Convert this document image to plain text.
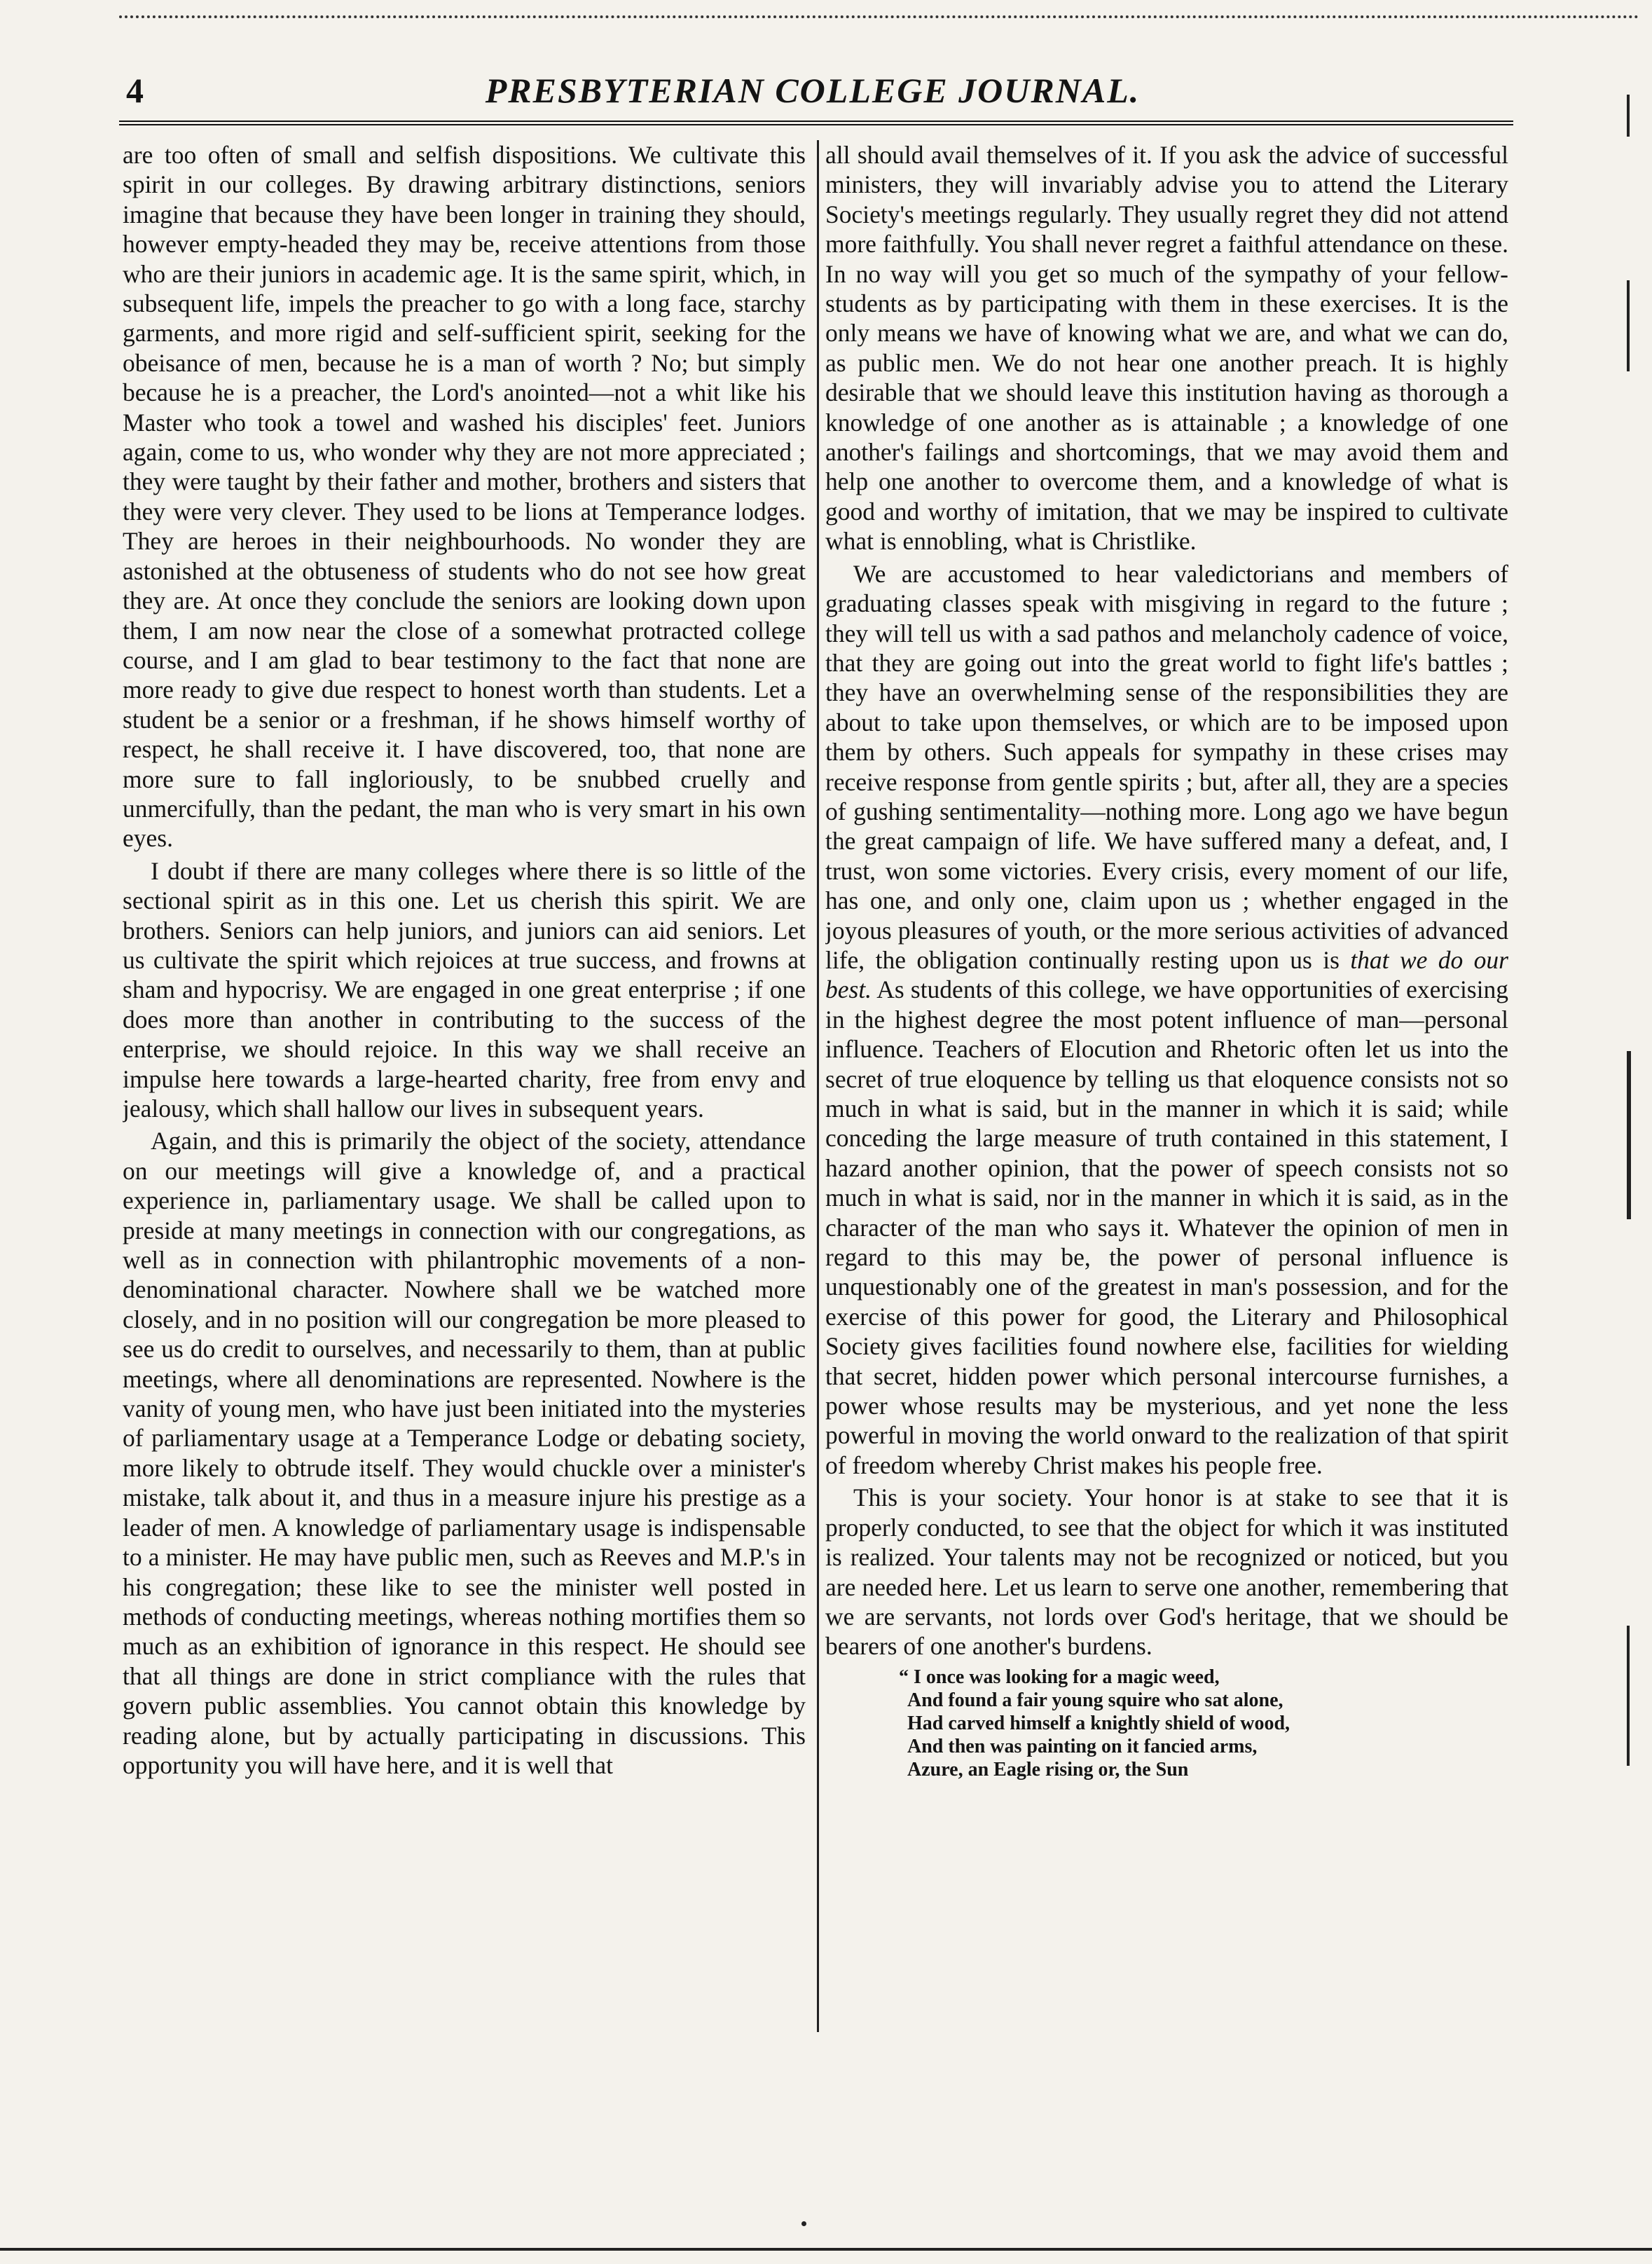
4	PRESBYTERIAN COLLEGE JOURNAL.

are too often of small and selfish dispositions. We cultivate this spirit in our colleges. By drawing arbitrary distinctions, seniors imagine that because they have been longer in training they should, however empty-headed they may be, receive attentions from those who are their juniors in academic age. It is the same spirit, which, in subsequent life, impels the preacher to go with a long face, starchy garments, and more rigid and self-sufficient spirit, seeking for the obeisance of men, because he is a man of worth ? No; but simply because he is a preacher, the Lord's anointed—not a whit like his Master who took a towel and washed his disciples' feet. Juniors again, come to us, who wonder why they are not more appreciated ; they were taught by their father and mother, brothers and sisters that they were very clever. They used to be lions at Temperance lodges. They are heroes in their neighbourhoods. No wonder they are astonished at the obtuseness of students who do not see how great they are. At once they conclude the seniors are looking down upon them, I am now near the close of a somewhat protracted college course, and I am glad to bear testimony to the fact that none are more ready to give due respect to honest worth than students. Let a student be a senior or a freshman, if he shows himself worthy of respect, he shall receive it. I have discovered, too, that none are more sure to fall ingloriously, to be snubbed cruelly and unmercifully, than the pedant, the man who is very smart in his own eyes.

I doubt if there are many colleges where there is so little of the sectional spirit as in this one. Let us cherish this spirit. We are brothers. Seniors can help juniors, and juniors can aid seniors. Let us cultivate the spirit which rejoices at true success, and frowns at sham and hypocrisy. We are engaged in one great enterprise ; if one does more than another in contributing to the success of the enterprise, we should rejoice. In this way we shall receive an impulse here towards a large-hearted charity, free from envy and jealousy, which shall hallow our lives in subsequent years.

Again, and this is primarily the object of the society, attendance on our meetings will give a knowledge of, and a practical experience in, parliamentary usage. We shall be called upon to preside at many meetings in connection with our congregations, as well as in connection with philantrophic movements of a non-denominational character. Nowhere shall we be watched more closely, and in no position will our congregation be more pleased to see us do credit to ourselves, and necessarily to them, than at public meetings, where all denominations are represented. Nowhere is the vanity of young men, who have just been initiated into the mysteries of parliamentary usage at a Temperance Lodge or debating society, more likely to obtrude itself. They would chuckle over a minister's mistake, talk about it, and thus in a measure injure his prestige as a leader of men. A knowledge of parliamentary usage is indispensable to a minister. He may have public men, such as Reeves and M.P.'s in his congregation; these like to see the minister well posted in methods of conducting meetings, whereas nothing mortifies them so much as an exhibition of ignorance in this respect. He should see that all things are done in strict compliance with the rules that govern public assemblies. You cannot obtain this knowledge by reading alone, but by actually participating in discussions. This opportunity you will have here, and it is well that

all should avail themselves of it. If you ask the advice of successful ministers, they will invariably advise you to attend the Literary Society's meetings regularly. They usually regret they did not attend more faithfully. You shall never regret a faithful attendance on these. In no way will you get so much of the sympathy of your fellow-students as by participating with them in these exercises. It is the only means we have of knowing what we are, and what we can do, as public men. We do not hear one another preach. It is highly desirable that we should leave this institution having as thorough a knowledge of one another as is attainable ; a knowledge of one another's failings and shortcomings, that we may avoid them and help one another to overcome them, and a knowledge of what is good and worthy of imitation, that we may be inspired to cultivate what is ennobling, what is Christlike.

We are accustomed to hear valedictorians and members of graduating classes speak with misgiving in regard to the future ; they will tell us with a sad pathos and melancholy cadence of voice, that they are going out into the great world to fight life's battles ; they have an overwhelming sense of the responsibilities they are about to take upon themselves, or which are to be imposed upon them by others. Such appeals for sympathy in these crises may receive response from gentle spirits ; but, after all, they are a species of gushing sentimentality—nothing more. Long ago we have begun the great campaign of life. We have suffered many a defeat, and, I trust, won some victories. Every crisis, every moment of our life, has one, and only one, claim upon us ; whether engaged in the joyous pleasures of youth, or the more serious activities of advanced life, the obligation continually resting upon us is that we do our best. As students of this college, we have opportunities of exercising in the highest degree the most potent influence of man—personal influence. Teachers of Elocution and Rhetoric often let us into the secret of true eloquence by telling us that eloquence consists not so much in what is said, but in the manner in which it is said; while conceding the large measure of truth contained in this statement, I hazard another opinion, that the power of speech consists not so much in what is said, nor in the manner in which it is said, as in the character of the man who says it. Whatever the opinion of men in regard to this may be, the power of personal influence is unquestionably one of the greatest in man's possession, and for the exercise of this power for good, the Literary and Philosophical Society gives facilities found nowhere else, facilities for wielding that secret, hidden power which personal intercourse furnishes, a power whose results may be mysterious, and yet none the less powerful in moving the world onward to the realization of that spirit of freedom whereby Christ makes his people free.

This is your society. Your honor is at stake to see that it is properly conducted, to see that the object for which it was instituted is realized. Your talents may not be recognized or noticed, but you are needed here. Let us learn to serve one another, remembering that we are servants, not lords over God's heritage, that we should be bearers of one another's burdens.

“ I once was looking for a magic weed,
And found a fair young squire who sat alone,
Had carved himself a knightly shield of wood,
And then was painting on it fancied arms,
Azure, an Eagle rising or, the Sun
